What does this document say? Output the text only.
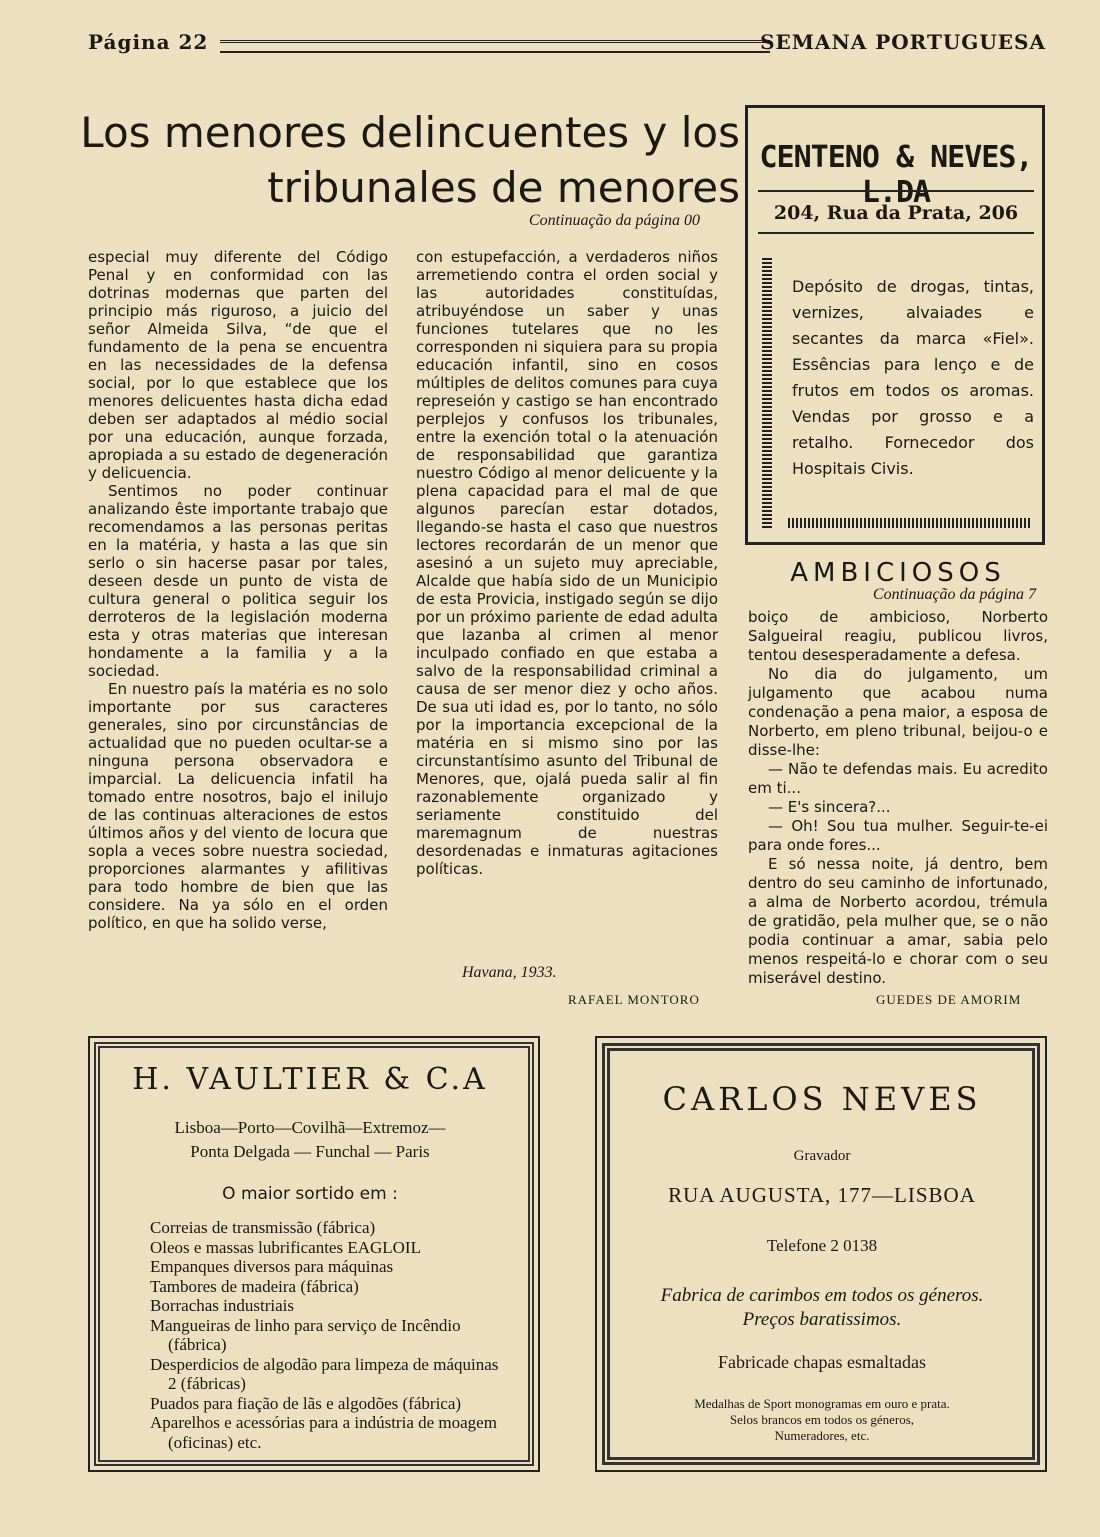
Página 22	SEMANA PORTUGUESA
Los menores delincuentes y los
tribunales de menores
Continuação da página 00

especial muy diferente del Código Penal y en conformidad con las dotrinas modernas que parten del principio más riguroso, a juicio del señor Almeida Silva, “de que el fundamento de la pena se encuentra en las necessidades de la defensa social, por lo que establece que los menores delicuentes hasta dicha edad deben ser adaptados al médio social por una educación, aunque forzada, apropiada a su estado de degeneración y delicuencia.

Sentimos no poder continuar analizando êste importante trabajo que recomendamos a las personas peritas en la matéria, y hasta a las que sin serlo o sin hacerse pasar por tales, deseen desde un punto de vista de cultura general o politica seguir los derroteros de la legislación moderna esta y otras materias que interesan hondamente a la familia y a la sociedad.

En nuestro país la matéria es no solo importante por sus caracteres generales, sino por circunstâncias de actualidad que no pueden ocultar-se a ninguna persona observadora e imparcial. La delicuencia infatil ha tomado entre nosotros, bajo el inilujo de las continuas alteraciones de estos últimos años y del viento de locura que sopla a veces sobre nuestra sociedad, proporciones alarmantes y afilitivas para todo hombre de bien que las considere. Na ya sólo en el orden político, en que ha solido verse,

con estupefacción, a verdaderos niños arremetiendo contra el orden social y las autoridades constituídas, atribuyéndose un saber y unas funciones tutelares que no les corresponden ni siquiera para su propia educación infantil, sino en cosos múltiples de delitos comunes para cuya represeión y castigo se han encontrado perplejos y confusos los tribunales, entre la exención total o la atenuación de responsabilidad que garantiza nuestro Código al menor delicuente y la plena capacidad para el mal de que algunos parecían estar dotados, llegando-se hasta el caso que nuestros lectores recordarán de un menor que asesinó a un sujeto muy apreciable, Alcalde que había sido de un Municipio de esta Provicia, instigado según se dijo por un próximo pariente de edad adulta que lazanba al crimen al menor inculpado confiado en que estaba a salvo de la responsabilidad criminal a causa de ser menor diez y ocho años. De sua uti idad es, por lo tanto, no sólo por la importancia excepcional de la matéria en si mismo sino por las circunstantísimo asunto del Tribunal de Menores, que, ojalá pueda salir al fin razonablemente organizado y seriamente constituido del maremagnum de nuestras desordenadas e inmaturas agitaciones políticas.

Havana, 1933.
RAFAEL MONTORO
CENTENO & NEVES, L.DA
204, Rua da Prata, 206
Depósito de drogas, tintas, vernizes, alvaiades e secantes da marca «Fiel». Essências para lenço e de frutos em todos os aromas. Vendas por grosso e a retalho. Fornecedor dos Hospitais Civis.
AMBICIOSOS
Continuação da página 7

boiço de ambicioso, Norberto Salgueiral reagiu, publicou livros, tentou desesperadamente a defesa.

No dia do julgamento, um julgamento que acabou numa condenação a pena maior, a esposa de Norberto, em pleno tribunal, beijou-o e disse-lhe:

— Não te defendas mais. Eu acredito em ti...

— E's sincera?...

— Oh! Sou tua mulher. Seguir-te-ei para onde fores...

E só nessa noite, já dentro, bem dentro do seu caminho de infortunado, a alma de Norberto acordou, trémula de gratidão, pela mulher que, se o não podia continuar a amar, sabia pelo menos respeitá-lo e chorar com o seu miserável destino.

GUEDES DE AMORIM
H. VAULTIER & C.A
Lisboa—Porto—Covilhã—Extremoz—
Ponta Delgada — Funchal — Paris
O maior sortido em :
Correias de transmissão (fábrica)
Oleos e massas lubrificantes EAGLOIL
Empanques diversos para máquinas
Tambores de madeira (fábrica)
Borrachas industriais
Mangueiras de linho para serviço de Incêndio (fábrica)
Desperdicios de algodão para limpeza de máquinas 2 (fábricas)
Puados para fiação de lãs e algodões (fábrica)
Aparelhos e acessórias para a indústria de moagem (oficinas) etc.
CARLOS NEVES
Gravador
RUA AUGUSTA, 177—LISBOA
Telefone 2 0138
Fabrica de carimbos em todos os géneros. Preços baratissimos.
Fabricade chapas esmaltadas
Medalhas de Sport monogramas em ouro e prata.
Selos brancos em todos os géneros,
Numeradores, etc.
